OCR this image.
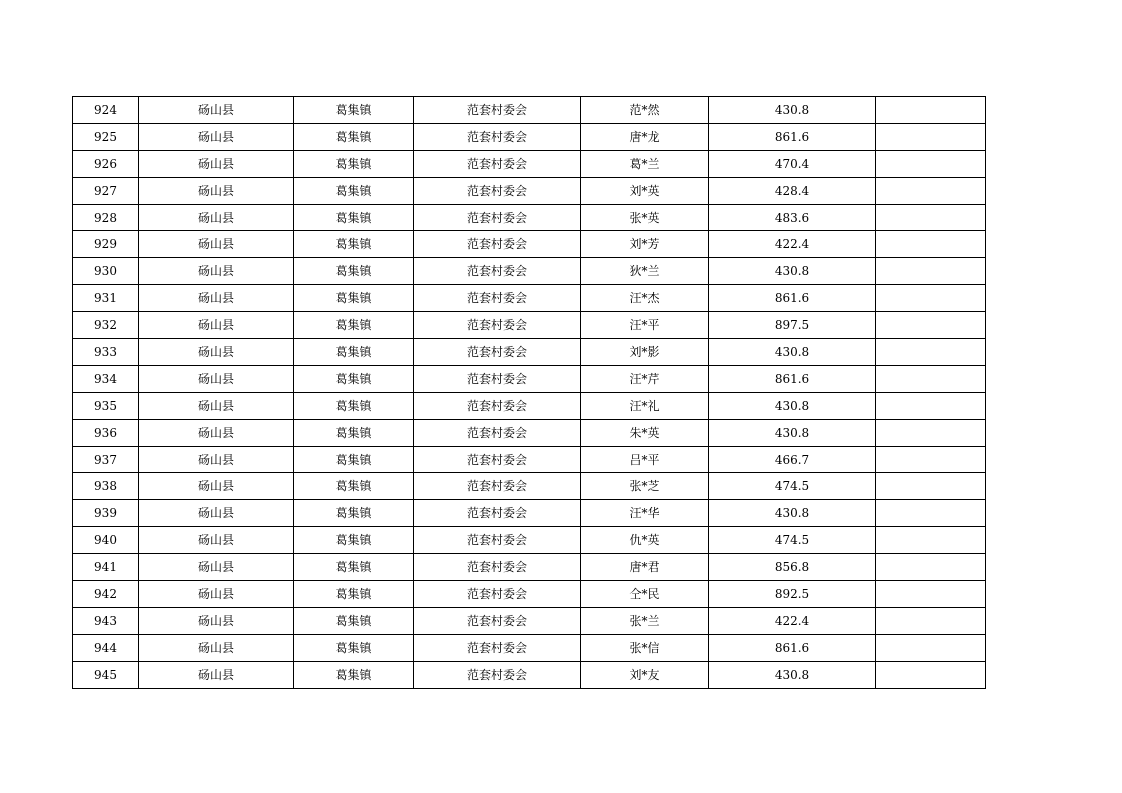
924	砀山县	葛集镇	范套村委会	范*然	430.8	
925	砀山县	葛集镇	范套村委会	唐*龙	861.6	
926	砀山县	葛集镇	范套村委会	葛*兰	470.4	
927	砀山县	葛集镇	范套村委会	刘*英	428.4	
928	砀山县	葛集镇	范套村委会	张*英	483.6	
929	砀山县	葛集镇	范套村委会	刘*芳	422.4	
930	砀山县	葛集镇	范套村委会	狄*兰	430.8	
931	砀山县	葛集镇	范套村委会	汪*杰	861.6	
932	砀山县	葛集镇	范套村委会	汪*平	897.5	
933	砀山县	葛集镇	范套村委会	刘*影	430.8	
934	砀山县	葛集镇	范套村委会	汪*芹	861.6	
935	砀山县	葛集镇	范套村委会	汪*礼	430.8	
936	砀山县	葛集镇	范套村委会	朱*英	430.8	
937	砀山县	葛集镇	范套村委会	吕*平	466.7	
938	砀山县	葛集镇	范套村委会	张*芝	474.5	
939	砀山县	葛集镇	范套村委会	汪*华	430.8	
940	砀山县	葛集镇	范套村委会	仇*英	474.5	
941	砀山县	葛集镇	范套村委会	唐*君	856.8	
942	砀山县	葛集镇	范套村委会	仝*民	892.5	
943	砀山县	葛集镇	范套村委会	张*兰	422.4	
944	砀山县	葛集镇	范套村委会	张*信	861.6	
945	砀山县	葛集镇	范套村委会	刘*友	430.8	
